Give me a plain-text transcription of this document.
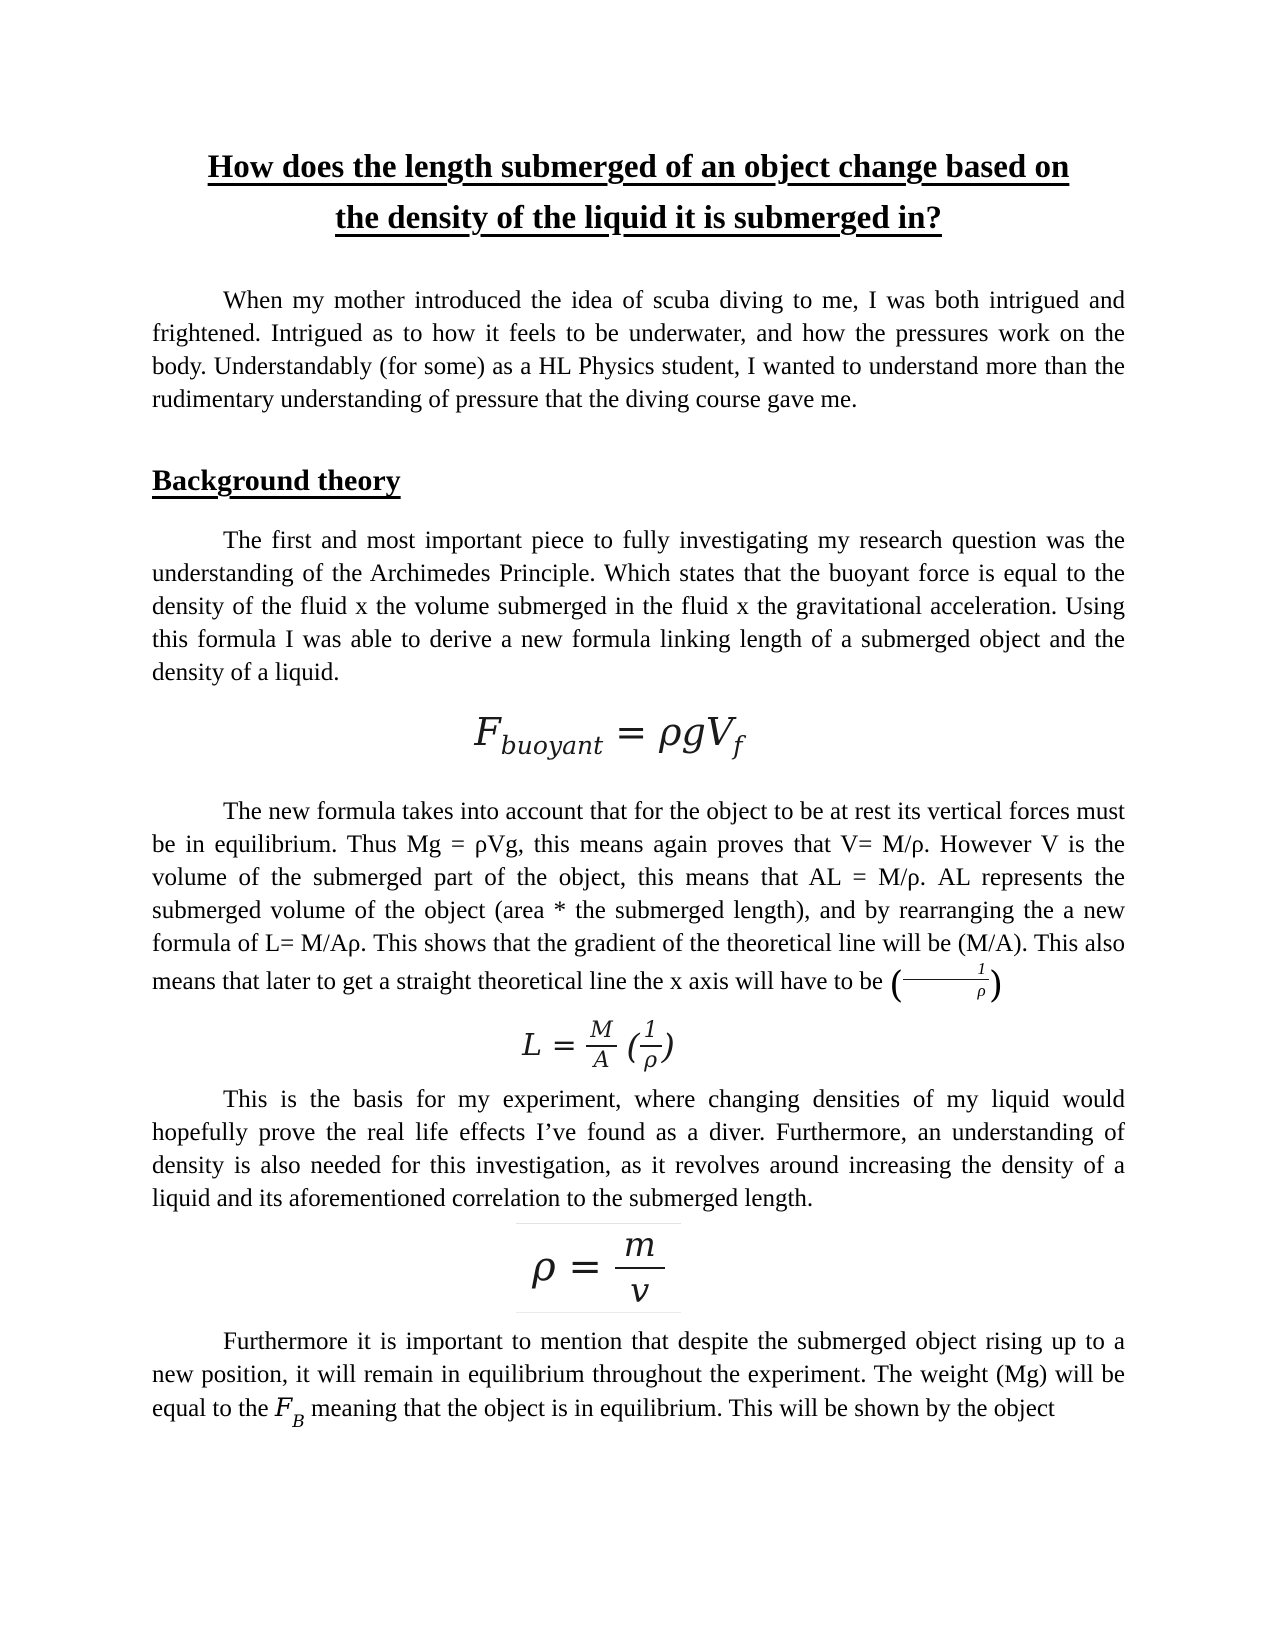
How does the length submerged of an object change based on
the density of the liquid it is submerged in?

When my mother introduced the idea of scuba diving to me, I was both intrigued and frightened. Intrigued as to how it feels to be underwater, and how the pressures work on the body. Understandably (for some) as a HL Physics student, I wanted to understand more than the rudimentary understanding of pressure that the diving course gave me.

Background theory

The first and most important piece to fully investigating my research question was the understanding of the Archimedes Principle. Which states that the buoyant force is equal to the density of the fluid x the volume submerged in the fluid x the gravitational acceleration. Using this formula I was able to derive a new formula linking length of a submerged object and the density of a liquid.

$F_{buoyant} = \rho gV_f$

The new formula takes into account that for the object to be at rest its vertical forces must be in equilibrium. Thus Mg = ρVg, this means again proves that V= M/ρ. However V is the volume of the submerged part of the object, this means that AL = M/ρ. AL represents the submerged volume of the object (area * the submerged length), and by rearranging the a new formula of L= M/Aρ. This shows that the gradient of the theoretical line will be (M/A). This also means that later to get a straight theoretical line the x axis will have to be ( $\frac{1}{\rho}$ )

$L = \frac{M}{A}$ ( $\frac{1}{\rho}$ )

This is the basis for my experiment, where changing densities of my liquid would hopefully prove the real life effects I’ve found as a diver. Furthermore, an understanding of density is also needed for this investigation, as it revolves around increasing the density of a liquid and its aforementioned correlation to the submerged length.

$\rho = \frac{m}{v}$

Furthermore it is important to mention that despite the submerged object rising up to a new position, it will remain in equilibrium throughout the experiment. The weight (Mg) will be equal to the $F_B$ meaning that the object is in equilibrium. This will be shown by the object
